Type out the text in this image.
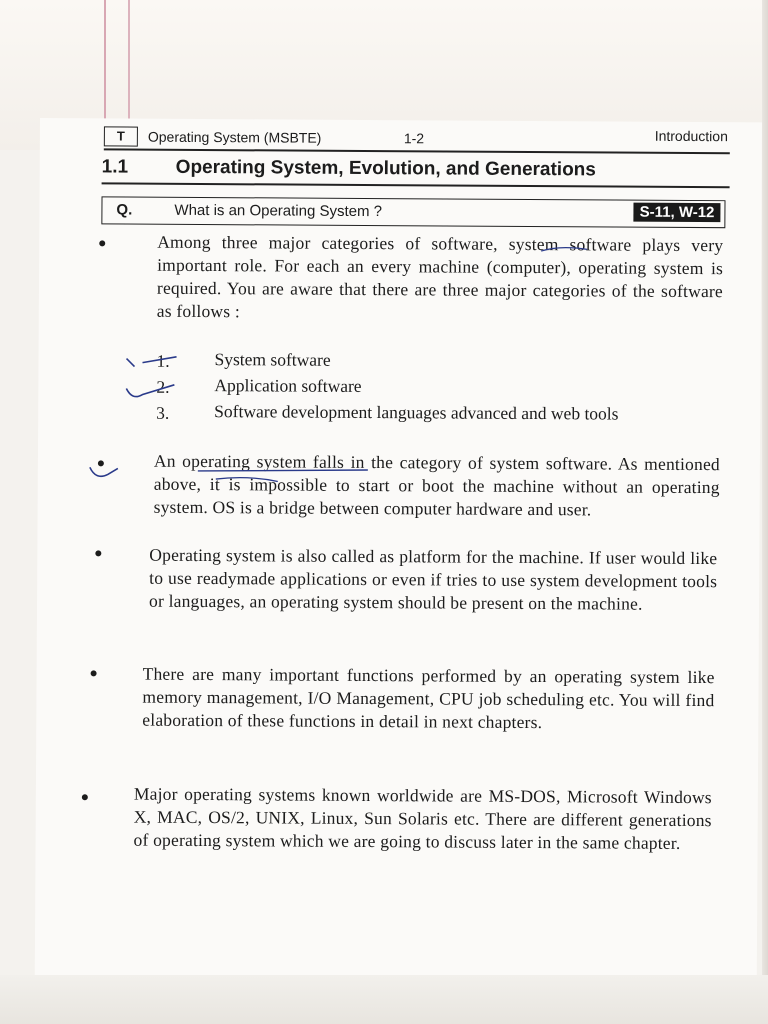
T	Operating System (MSBTE)	1-2	Introduction
1.1 Operating System, Evolution, and Generations
Q.	What is an Operating System ?	S-11, W-12
Among three major categories of software, system software plays very important role. For each an every machine (computer), operating system is required. You are aware that there are three major categories of the software as follows :
1.	System software
2.	Application software
3.	Software development languages advanced and web tools
An operating system falls in the category of system software. As mentioned above, it is impossible to start or boot the machine without an operating system. OS is a bridge between computer hardware and user.
Operating system is also called as platform for the machine. If user would like to use readymade applications or even if tries to use system development tools or languages, an operating system should be present on the machine.
There are many important functions performed by an operating system like memory management, I/O Management, CPU job scheduling etc. You will find elaboration of these functions in detail in next chapters.
Major operating systems known worldwide are MS-DOS, Microsoft Windows X, MAC, OS/2, UNIX, Linux, Sun Solaris etc. There are different generations of operating system which we are going to discuss later in the same chapter.
